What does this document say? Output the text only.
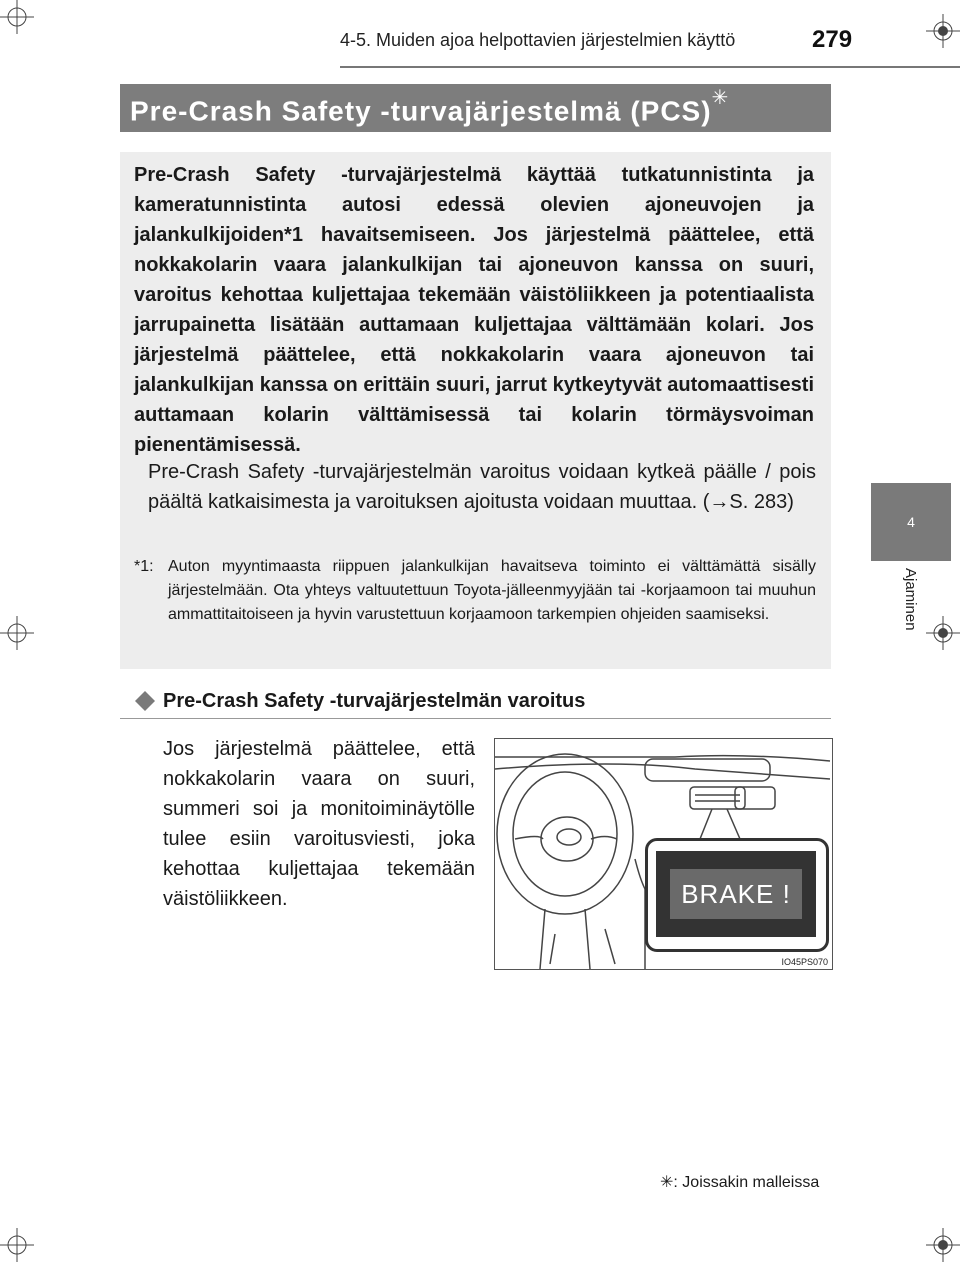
4-5. Muiden ajoa helpottavien järjestelmien käyttö	279
4
Ajaminen
Pre-Crash Safety -turvajärjestelmä (PCS)✳
Pre-Crash Safety -turvajärjestelmä käyttää tutkatunnistinta ja kameratunnistinta autosi edessä olevien ajoneuvojen ja jalankulkijoiden*1 havaitsemiseen. Jos järjestelmä päättelee, että nokkakolarin vaara jalankulkijan tai ajoneuvon kanssa on suuri, varoitus kehottaa kuljettajaa tekemään väistöliikkeen ja potentiaalista jarrupainetta lisätään auttamaan kuljettajaa välttämään kolari. Jos järjestelmä päättelee, että nokkakolarin vaara ajoneuvon tai jalankulkijan kanssa on erittäin suuri, jarrut kytkeytyvät automaattisesti auttamaan kolarin välttämisessä tai kolarin törmäysvoiman pienentämisessä.
Pre-Crash Safety -turvajärjestelmän varoitus voidaan kytkeä päälle / pois päältä katkaisimesta ja varoituksen ajoitusta voidaan muuttaa. (→S. 283)
*1: Auton myyntimaasta riippuen jalankulkijan havaitseva toiminto ei välttämättä sisälly järjestelmään. Ota yhteys valtuutettuun Toyota-jälleenmyyjään tai -korjaamoon tai muuhun ammattitaitoiseen ja hyvin varustettuun korjaamoon tarkempien ohjeiden saamiseksi.
Pre-Crash Safety -turvajärjestelmän varoitus
Jos järjestelmä päättelee, että nokkakolarin vaara on suuri, summeri soi ja monitoiminäytölle tulee esiin varoitusviesti, joka kehottaa kuljettajaa tekemään väistöliikkeen.	BRAKE !
IO45PS070
✳: Joissakin malleissa
